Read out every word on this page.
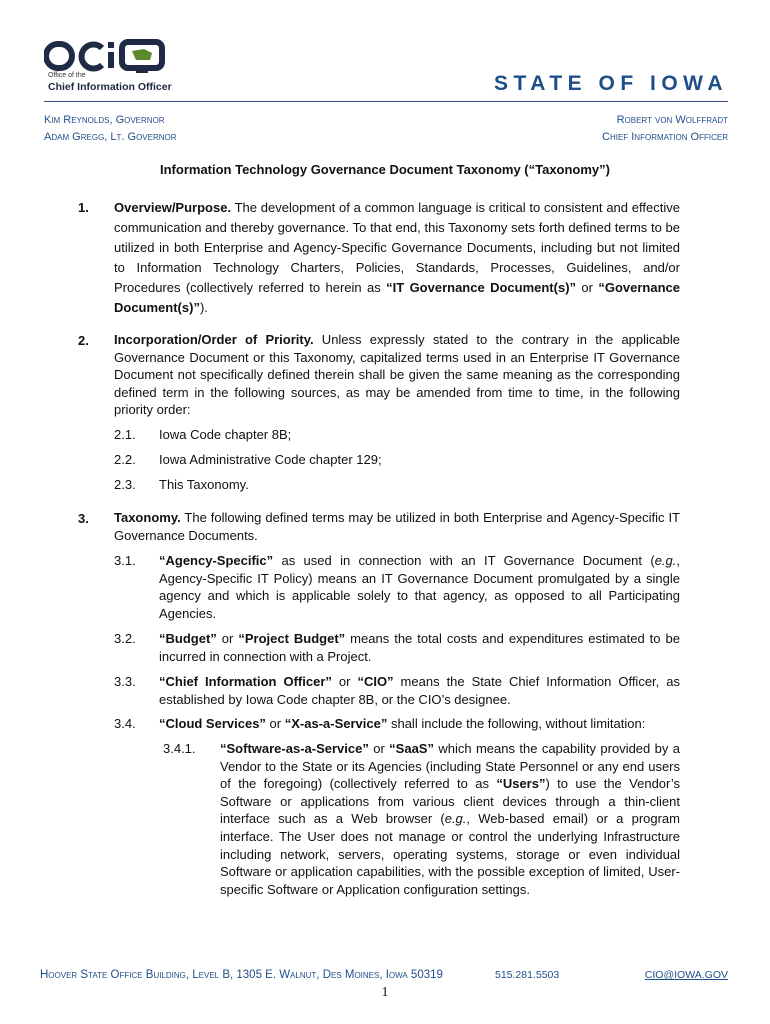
Office of the
Chief Information Officer	STATE OF IOWA
Kim Reynolds, Governor
Adam Gregg, Lt. Governor
Robert von Wolffradt
Chief Information Officer
Information Technology Governance Document Taxonomy (“Taxonomy”)
1. Overview/Purpose. The development of a common language is critical to consistent and effective communication and thereby governance. To that end, this Taxonomy sets forth defined terms to be utilized in both Enterprise and Agency-Specific Governance Documents, including but not limited to Information Technology Charters, Policies, Standards, Processes, Guidelines, and/or Procedures (collectively referred to herein as “IT Governance Document(s)” or “Governance Document(s)”).
2. Incorporation/Order of Priority. Unless expressly stated to the contrary in the applicable Governance Document or this Taxonomy, capitalized terms used in an Enterprise IT Governance Document not specifically defined therein shall be given the same meaning as the corresponding defined term in the following sources, as may be amended from time to time, in the following priority order:
2.1. Iowa Code chapter 8B;
2.2. Iowa Administrative Code chapter 129;
2.3. This Taxonomy.
3. Taxonomy. The following defined terms may be utilized in both Enterprise and Agency-Specific IT Governance Documents.
3.1. “Agency-Specific” as used in connection with an IT Governance Document (e.g., Agency-Specific IT Policy) means an IT Governance Document promulgated by a single agency and which is applicable solely to that agency, as opposed to all Participating Agencies.
3.2. “Budget” or “Project Budget” means the total costs and expenditures estimated to be incurred in connection with a Project.
3.3. “Chief Information Officer” or “CIO” means the State Chief Information Officer, as established by Iowa Code chapter 8B, or the CIO’s designee.
3.4. “Cloud Services” or “X-as-a-Service” shall include the following, without limitation:
3.4.1. “Software-as-a-Service” or “SaaS” which means the capability provided by a Vendor to the State or its Agencies (including State Personnel or any end users of the foregoing) (collectively referred to as “Users”) to use the Vendor’s Software or applications from various client devices through a thin-client interface such as a Web browser (e.g., Web-based email) or a program interface. The User does not manage or control the underlying Infrastructure including network, servers, operating systems, storage or even individual Software or application capabilities, with the possible exception of limited, User-specific Software or Application configuration settings.
Hoover State Office Building, Level B, 1305 E. Walnut, Des Moines, Iowa 50319	515.281.5503	CIO@IOWA.GOV
1
